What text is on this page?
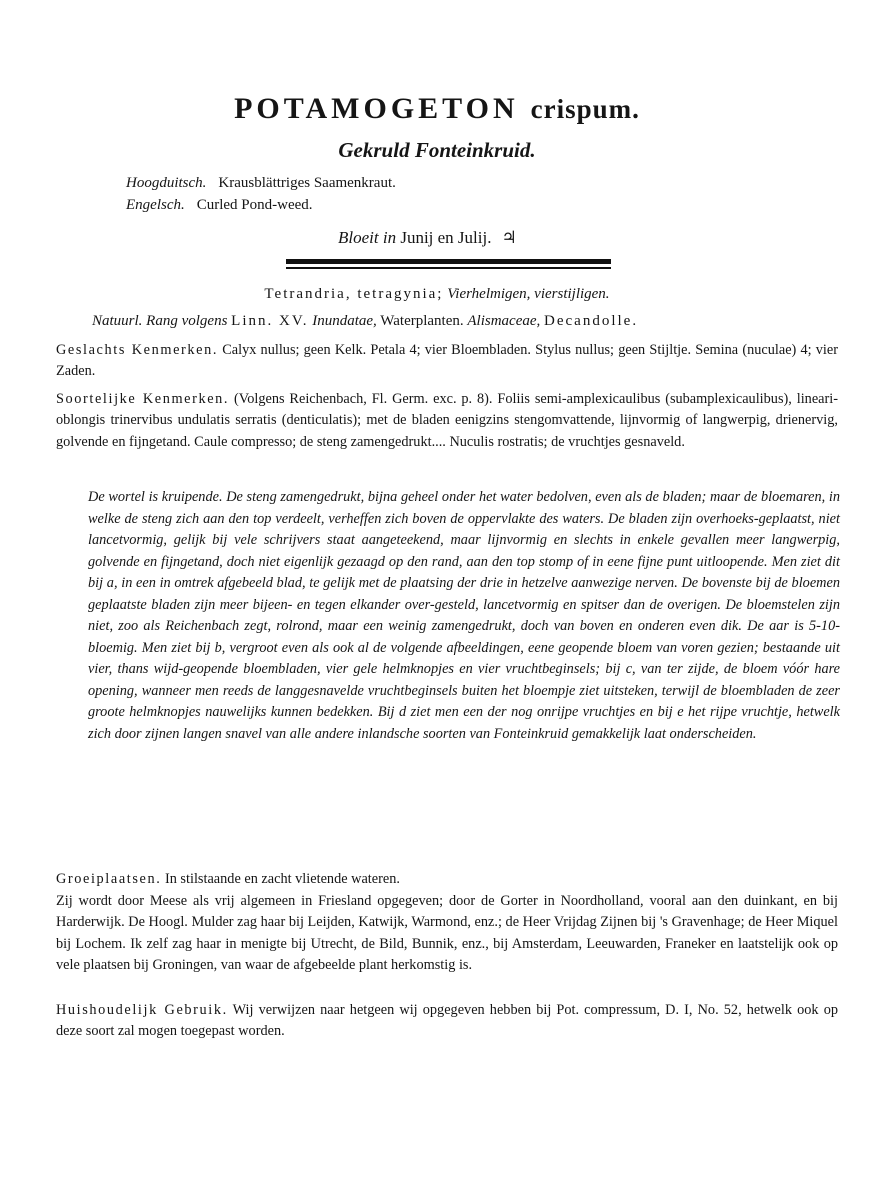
POTAMOGETON crispum.
Gekruld Fonteinkruid.
Hoogduitsch. Krausblättriges Saamenkraut.
Engelsch. Curled Pond-weed.
Bloeit in Junij en Julij. ♃
Tetrandria, tetragynia; Vierhelmigen, vierstijligen.
Natuurl. Rang volgens Linn. XV. Inundatae, Waterplanten. Alismaceae, Decandolle.
Geslachts Kenmerken. Calyx nullus; geen Kelk. Petala 4; vier Bloembladen. Stylus nullus; geen Stijltje. Semina (nuculae) 4; vier Zaden.
Soortelijke Kenmerken. (Volgens Reichenbach, Fl. Germ. exc. p. 8). Foliis semi-amplexicaulibus (subamplexicaulibus), lineari-oblongis trinervibus undulatis serratis (denticulatis); met de bladen eenigzins stengomvattende, lijnvormig of langwerpig, drienervig, golvende en fijngetand. Caule compresso; de steng zamengedrukt.... Nuculis rostratis; de vruchtjes gesnaveld.
De wortel is kruipende. De steng zamengedrukt, bijna geheel onder het water bedolven, even als de bladen; maar de bloemaren, in welke de steng zich aan den top verdeelt, verheffen zich boven de oppervlakte des waters. De bladen zijn overhoeks-geplaatst, niet lancetvormig, gelijk bij vele schrijvers staat aangeteekend, maar lijnvormig en slechts in enkele gevallen meer langwerpig, golvende en fijngetand, doch niet eigenlijk gezaagd op den rand, aan den top stomp of in eene fijne punt uitloopende. Men ziet dit bij a, in een in omtrek afgebeeld blad, te gelijk met de plaatsing der drie in hetzelve aanwezige nerven. De bovenste bij de bloemen geplaatste bladen zijn meer bijeen- en tegen elkander over-gesteld, lancetvormig en spitser dan de overigen. De bloemstelen zijn niet, zoo als Reichenbach zegt, rolrond, maar een weinig zamengedrukt, doch van boven en onderen even dik. De aar is 5-10-bloemig. Men ziet bij b, vergroot even als ook al de volgende afbeeldingen, eene geopende bloem van voren gezien; bestaande uit vier, thans wijd-geopende bloembladen, vier gele helmknopjes en vier vruchtbeginsels; bij c, van ter zijde, de bloem vóór hare opening, wanneer men reeds de langgesnavelde vruchtbeginsels buiten het bloempje ziet uitsteken, terwijl de bloembladen de zeer groote helmknopjes nauwelijks kunnen bedekken. Bij d ziet men een der nog onrijpe vruchtjes en bij e het rijpe vruchtje, hetwelk zich door zijnen langen snavel van alle andere inlandsche soorten van Fonteinkruid gemakkelijk laat onderscheiden.
Groeiplaatsen. In stilstaande en zacht vlietende wateren.
Zij wordt door Meese als vrij algemeen in Friesland opgegeven; door de Gorter in Noordholland, vooral aan den duinkant, en bij Harderwijk. De Hoogl. Mulder zag haar bij Leijden, Katwijk, Warmond, enz.; de Heer Vrijdag Zijnen bij 's Gravenhage; de Heer Miquel bij Lochem. Ik zelf zag haar in menigte bij Utrecht, de Bild, Bunnik, enz., bij Amsterdam, Leeuwarden, Franeker en laatstelijk ook op vele plaatsen bij Groningen, van waar de afgebeelde plant herkomstig is.
Huishoudelijk Gebruik. Wij verwijzen naar hetgeen wij opgegeven hebben bij Pot. compressum, D. I, No. 52, hetwelk ook op deze soort zal mogen toegepast worden.
